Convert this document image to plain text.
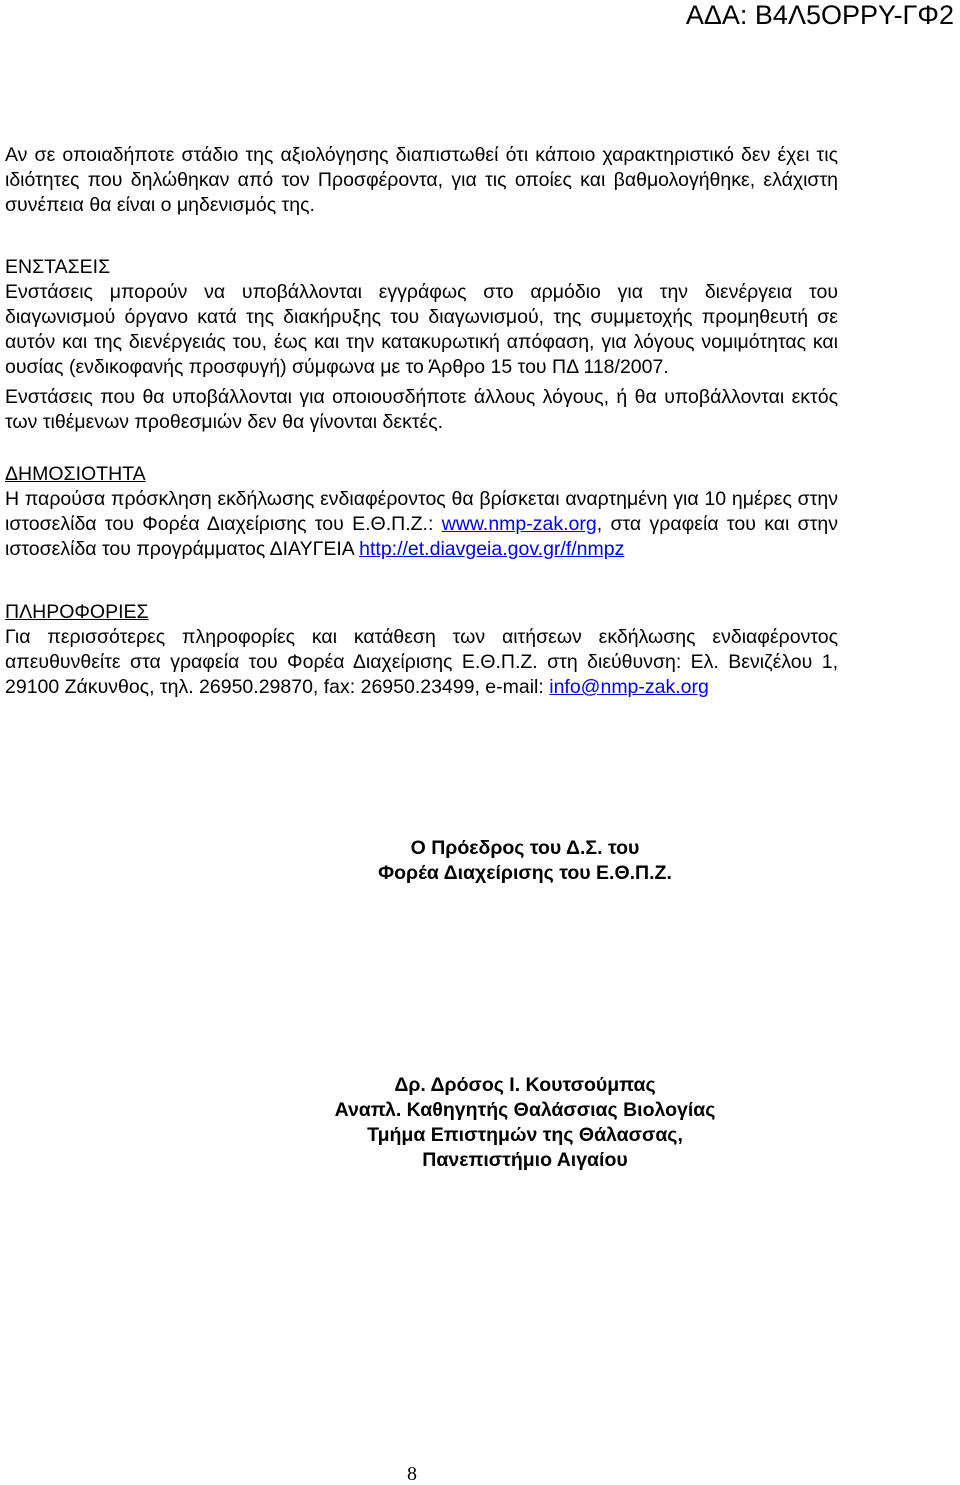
ΑΔΑ: Β4Λ5ΟΡΡΥ-ΓΦ2

Αν σε οποιαδήποτε στάδιο της αξιολόγησης διαπιστωθεί ότι κάποιο χαρακτηριστικό δεν έχει τις ιδιότητες που δηλώθηκαν από τον Προσφέροντα, για τις οποίες και βαθμολογήθηκε, ελάχιστη συνέπεια θα είναι ο μηδενισμός της.

ΕΝΣΤΑΣΕΙΣ

Ενστάσεις μπορούν να υποβάλλονται εγγράφως στο αρμόδιο για την διενέργεια του διαγωνισμού όργανο κατά της διακήρυξης του διαγωνισμού, της συμμετοχής προμηθευτή σε αυτόν και της διενέργειάς του, έως και την κατακυρωτική απόφαση, για λόγους νομιμότητας και ουσίας (ενδικοφανής προσφυγή) σύμφωνα με το Άρθρο 15 του ΠΔ 118/2007.

Ενστάσεις που θα υποβάλλονται για οποιουσδήποτε άλλους λόγους, ή θα υποβάλλονται εκτός των τιθέμενων προθεσμιών δεν θα γίνονται δεκτές.

ΔΗΜΟΣΙΟΤΗΤΑ

Η παρούσα πρόσκληση εκδήλωσης ενδιαφέροντος θα βρίσκεται αναρτημένη για 10 ημέρες στην ιστοσελίδα του Φορέα Διαχείρισης του Ε.Θ.Π.Ζ.: www.nmp-zak.org, στα γραφεία του και στην ιστοσελίδα του προγράμματος ΔΙΑΥΓΕΙΑ http://et.diavgeia.gov.gr/f/nmpz

ΠΛΗΡΟΦΟΡΙΕΣ

Για περισσότερες πληροφορίες και κατάθεση των αιτήσεων εκδήλωσης ενδιαφέροντος απευθυνθείτε στα γραφεία του Φορέα Διαχείρισης Ε.Θ.Π.Ζ. στη διεύθυνση: Ελ. Βενιζέλου 1, 29100 Ζάκυνθος, τηλ. 26950.29870, fax: 26950.23499, e-mail: info@nmp-zak.org

Ο Πρόεδρος του Δ.Σ. του
Φορέα Διαχείρισης του Ε.Θ.Π.Ζ.
Δρ. Δρόσος Ι. Κουτσούμπας
Αναπλ. Καθηγητής Θαλάσσιας Βιολογίας
Τμήμα Επιστημών της Θάλασσας,
Πανεπιστήμιο Αιγαίου
8
